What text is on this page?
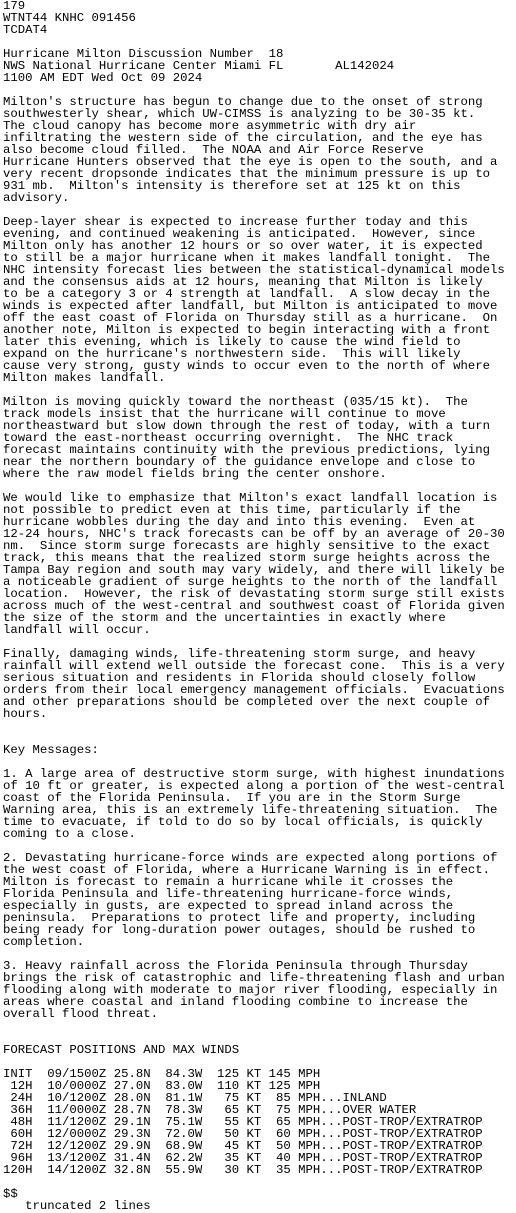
179
WTNT44 KNHC 091456
TCDAT4
Hurricane Milton Discussion Number  18
NWS National Hurricane Center Miami FL       AL142024
1100 AM EDT Wed Oct 09 2024
Milton's structure has begun to change due to the onset of strong
southwesterly shear, which UW-CIMSS is analyzing to be 30-35 kt.
The cloud canopy has become more asymmetric with dry air
infiltrating the western side of the circulation, and the eye has
also become cloud filled.  The NOAA and Air Force Reserve
Hurricane Hunters observed that the eye is open to the south, and a
very recent dropsonde indicates that the minimum pressure is up to
931 mb.  Milton's intensity is therefore set at 125 kt on this
advisory.
Deep-layer shear is expected to increase further today and this
evening, and continued weakening is anticipated.  However, since
Milton only has another 12 hours or so over water, it is expected
to still be a major hurricane when it makes landfall tonight.  The
NHC intensity forecast lies between the statistical-dynamical models
and the consensus aids at 12 hours, meaning that Milton is likely
to be a category 3 or 4 strength at landfall.  A slow decay in the
winds is expected after landfall, but Milton is anticipated to move
off the east coast of Florida on Thursday still as a hurricane.  On
another note, Milton is expected to begin interacting with a front
later this evening, which is likely to cause the wind field to
expand on the hurricane's northwestern side.  This will likely
cause very strong, gusty winds to occur even to the north of where
Milton makes landfall.
Milton is moving quickly toward the northeast (035/15 kt).  The
track models insist that the hurricane will continue to move
northeastward but slow down through the rest of today, with a turn
toward the east-northeast occurring overnight.  The NHC track
forecast maintains continuity with the previous predictions, lying
near the northern boundary of the guidance envelope and close to
where the raw model fields bring the center onshore.
We would like to emphasize that Milton's exact landfall location is
not possible to predict even at this time, particularly if the
hurricane wobbles during the day and into this evening.  Even at
12-24 hours, NHC's track forecasts can be off by an average of 20-30
nm.  Since storm surge forecasts are highly sensitive to the exact
track, this means that the realized storm surge heights across the
Tampa Bay region and south may vary widely, and there will likely be
a noticeable gradient of surge heights to the north of the landfall
location.  However, the risk of devastating storm surge still exists
across much of the west-central and southwest coast of Florida given
the size of the storm and the uncertainties in exactly where
landfall will occur.
Finally, damaging winds, life-threatening storm surge, and heavy
rainfall will extend well outside the forecast cone.  This is a very
serious situation and residents in Florida should closely follow
orders from their local emergency management officials.  Evacuations
and other preparations should be completed over the next couple of
hours.
Key Messages:
1. A large area of destructive storm surge, with highest inundations
of 10 ft or greater, is expected along a portion of the west-central
coast of the Florida Peninsula.  If you are in the Storm Surge
Warning area, this is an extremely life-threatening situation.  The
time to evacuate, if told to do so by local officials, is quickly
coming to a close.
2. Devastating hurricane-force winds are expected along portions of
the west coast of Florida, where a Hurricane Warning is in effect.
Milton is forecast to remain a hurricane while it crosses the
Florida Peninsula and life-threatening hurricane-force winds,
especially in gusts, are expected to spread inland across the
peninsula.  Preparations to protect life and property, including
being ready for long-duration power outages, should be rushed to
completion.
3. Heavy rainfall across the Florida Peninsula through Thursday
brings the risk of catastrophic and life-threatening flash and urban
flooding along with moderate to major river flooding, especially in
areas where coastal and inland flooding combine to increase the
overall flood threat.
FORECAST POSITIONS AND MAX WINDS
INIT  09/1500Z 25.8N  84.3W  125 KT 145 MPH
12H  10/0000Z 27.0N  83.0W  110 KT 125 MPH
24H  10/1200Z 28.0N  81.1W   75 KT  85 MPH...INLAND
36H  11/0000Z 28.7N  78.3W   65 KT  75 MPH...OVER WATER
48H  11/1200Z 29.1N  75.1W   55 KT  65 MPH...POST-TROP/EXTRATROP
60H  12/0000Z 29.3N  72.0W   50 KT  60 MPH...POST-TROP/EXTRATROP
72H  12/1200Z 29.9N  68.9W   45 KT  50 MPH...POST-TROP/EXTRATROP
96H  13/1200Z 31.4N  62.2W   35 KT  40 MPH...POST-TROP/EXTRATROP
120H  14/1200Z 32.8N  55.9W   30 KT  35 MPH...POST-TROP/EXTRATROP
$$
truncated 2 lines
